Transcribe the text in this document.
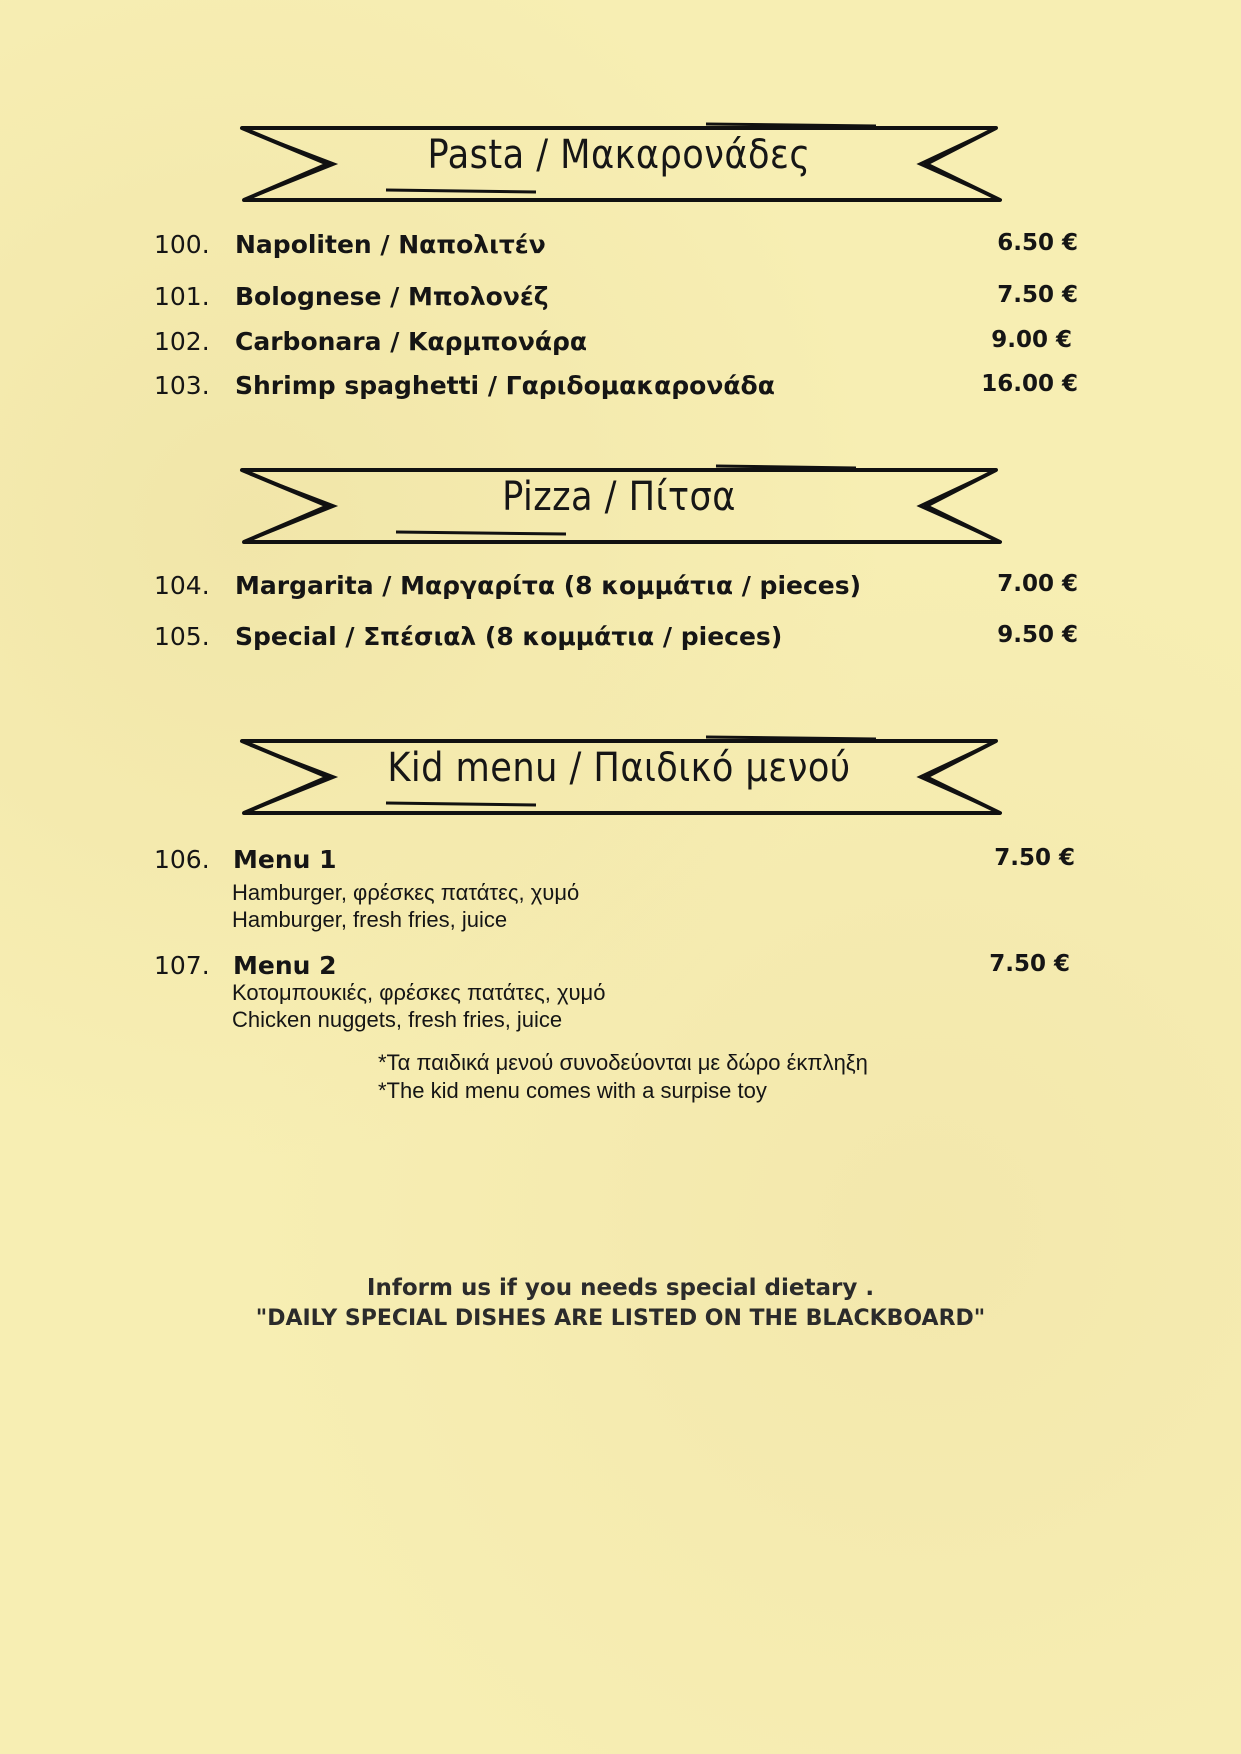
Pasta / Μακαρονάδες
100. Napoliten / Ναπολιτέν	6.50 €
101. Bolognese / Μπολονέζ	7.50 €
102. Carbonara / Καρμπονάρα	9.00 €
103. Shrimp spaghetti / Γαριδομακαρονάδα	16.00 €
Pizza / Πίτσα
104. Margarita / Μαργαρίτα (8 κομμάτια / pieces)	7.00 €
105. Special / Σπέσιαλ (8 κομμάτια / pieces)	9.50 €
Kid menu / Παιδικό μενού
106. Menu 1	7.50 €
Hamburger, φρέσκες πατάτες, χυμό
Hamburger, fresh fries, juice
107. Menu 2	7.50 €
Κοτομπουκιές, φρέσκες πατάτες, χυμό
Chicken nuggets, fresh fries, juice
*Τα παιδικά μενού συνοδεύονται με δώρο έκπληξη
*The kid menu comes with a surpise toy
Inform us if you needs special dietary .
"DAILY SPECIAL DISHES ARE LISTED ON THE BLACKBOARD"
